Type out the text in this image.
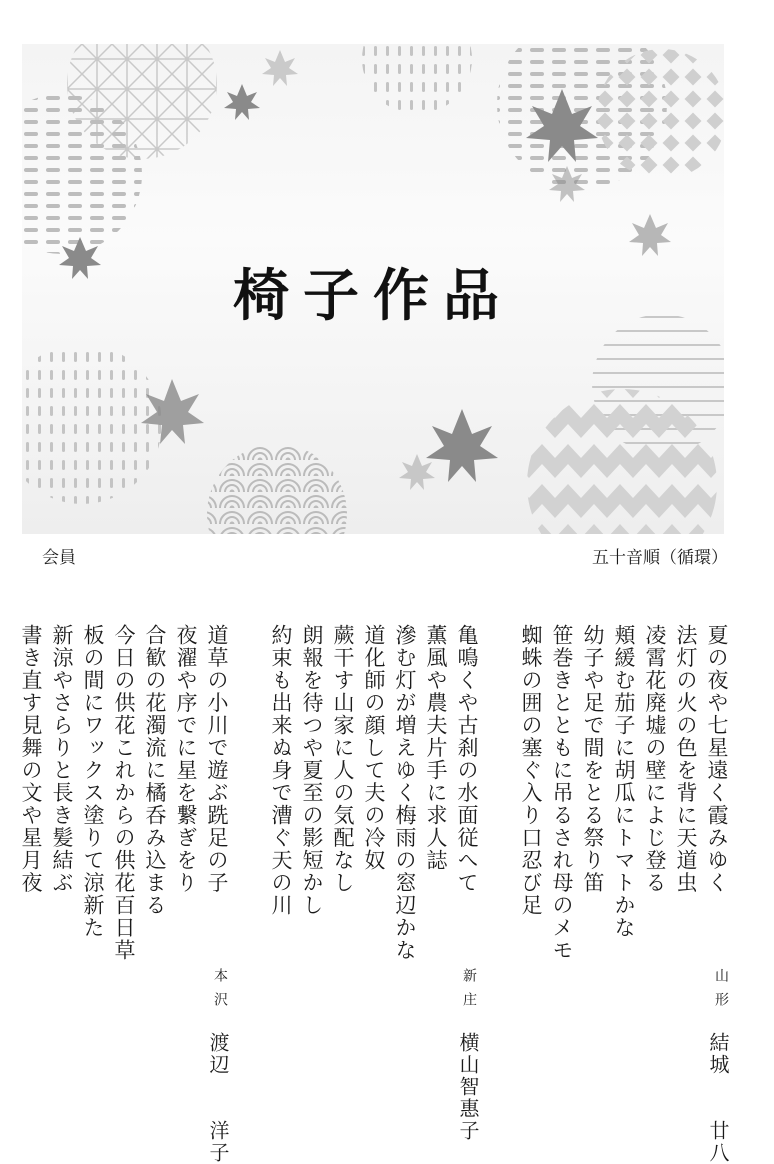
椅子作品
会員	五十音順（循環）
夏の夜や七星遠く霞みゆく
法灯の火の色を背に天道虫
凌霄花廃墟の壁によじ登る
頬緩む茄子に胡瓜にトマトかな
幼子や足で間をとる祭り笛
笹巻きとともに吊るされ母のメモ
蜘蛛の囲の塞ぐ入り口忍び足
山形
結城　　廿八
亀鳴くや古刹の水面従へて
薫風や農夫片手に求人誌
滲む灯が増えゆく梅雨の窓辺かな
道化師の顔して夫の冷奴
蕨干す山家に人の気配なし
朗報を待つや夏至の影短かし
約束も出来ぬ身で漕ぐ天の川
新庄
横山智惠子
道草の小川で遊ぶ跣足の子
夜濯や序でに星を繋ぎをり
合歓の花濁流に橘呑み込まる
今日の供花これからの供花百日草
板の間にワックス塗りて涼新た
新涼やさらりと長き髪結ぶ
書き直す見舞の文や星月夜
本沢
渡辺　　洋子
